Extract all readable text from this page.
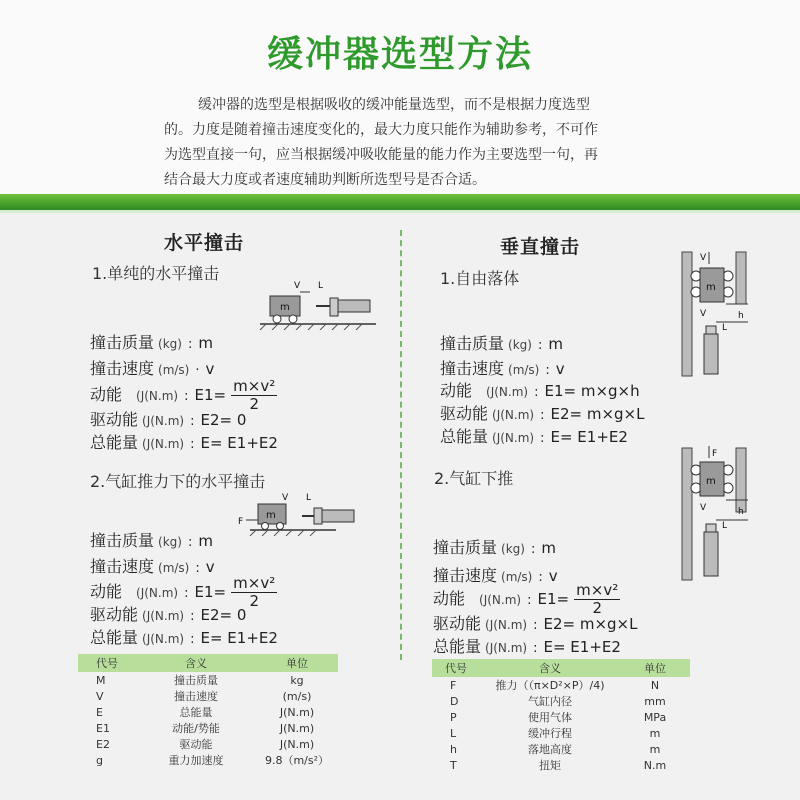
缓冲器选型方法
缓冲器的选型是根据吸收的缓冲能量选型，而不是根据力度选型
的。力度是随着撞击速度变化的，最大力度只能作为辅助参考，不可作
为选型直接一句，应当根据缓冲吸收能量的能力作为主要选型一句，再
结合最大力度或者速度辅助判断所选型号是否合适。
水平撞击
1.单纯的水平撞击
m
V L
撞击质量 (kg) : m
撞击速度 (m/s) · v
动能 (J(N.m) : $E1= \frac{\text{m×v²}}{2}$
驱动能 (J(N.m) : E2= 0
总能量 (J(N.m) : E= E1+E2
2.气缸推力下的水平撞击
F
m
V L
撞击质量 (kg) : m
撞击速度 (m/s) : v
动能 (J(N.m) : $E1= \frac{\text{m×v²}}{2}$
驱动能 (J(N.m) : E2= 0
总能量 (J(N.m) : E= E1+E2
代号	含义	单位
M	撞击质量	kg
V	撞击速度	(m/s)
E	总能量	J(N.m)
E1	动能/势能	J(N.m)
E2	驱动能	J(N.m)
g	重力加速度	9.8（m/s²）
垂直撞击
1.自由落体
V
m
V	h
L
撞击质量 (kg) : m
撞击速度 (m/s) : v
动能 (J(N.m) : E1= m×g×h
驱动能 (J(N.m) : E2= m×g×L
总能量 (J(N.m) : E= E1+E2
2.气缸下推
F
m
V	h
L
撞击质量 (kg) : m
撞击速度 (m/s) : v
动能 (J(N.m) : $E1= \frac{\text{m×v²}}{2}$
驱动能 (J(N.m) : E2= m×g×L
总能量 (J(N.m) : E= E1+E2
代号	含义	单位
F	推力（（π×D²×P）/4)	N
D	气缸内径	mm
P	使用气体	MPa
L	缓冲行程	m
h	落地高度	m
T	扭矩	N.m
